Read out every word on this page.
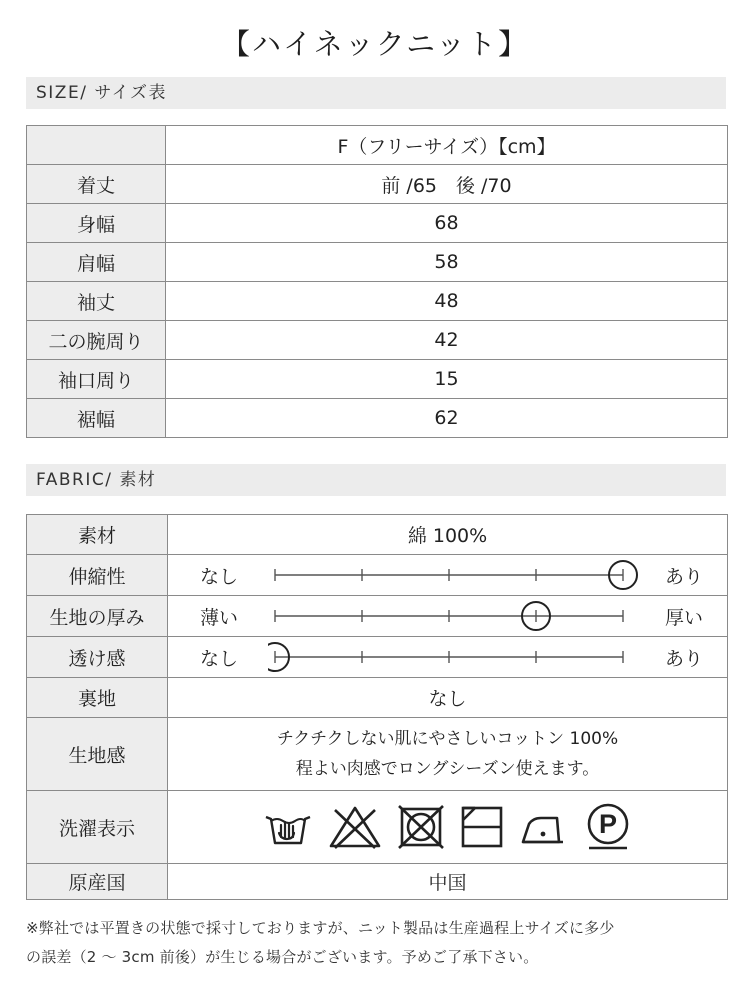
【ハイネックニット】
SIZE/ サイズ表
	F（フリーサイズ）【cm】
着丈	前 /65　後 /70
身幅	68
肩幅	58
袖丈	48
二の腕周り	42
袖口周り	15
裾幅	62
FABRIC/ 素材
素材	綿 100%
伸縮性	なし あり

生地の厚み	薄い 厚い

透け感	なし あり

裏地	なし
生地感	チクチクしない肌にやさしいコットン 100%
程よい肉感でロングシーズン使えます。

洗濯表示	P

原産国	中国
※弊社では平置きの状態で採寸しておりますが、ニット製品は生産過程上サイズに多少
の誤差（2 ～ 3cm 前後）が生じる場合がございます。予めご了承下さい。
